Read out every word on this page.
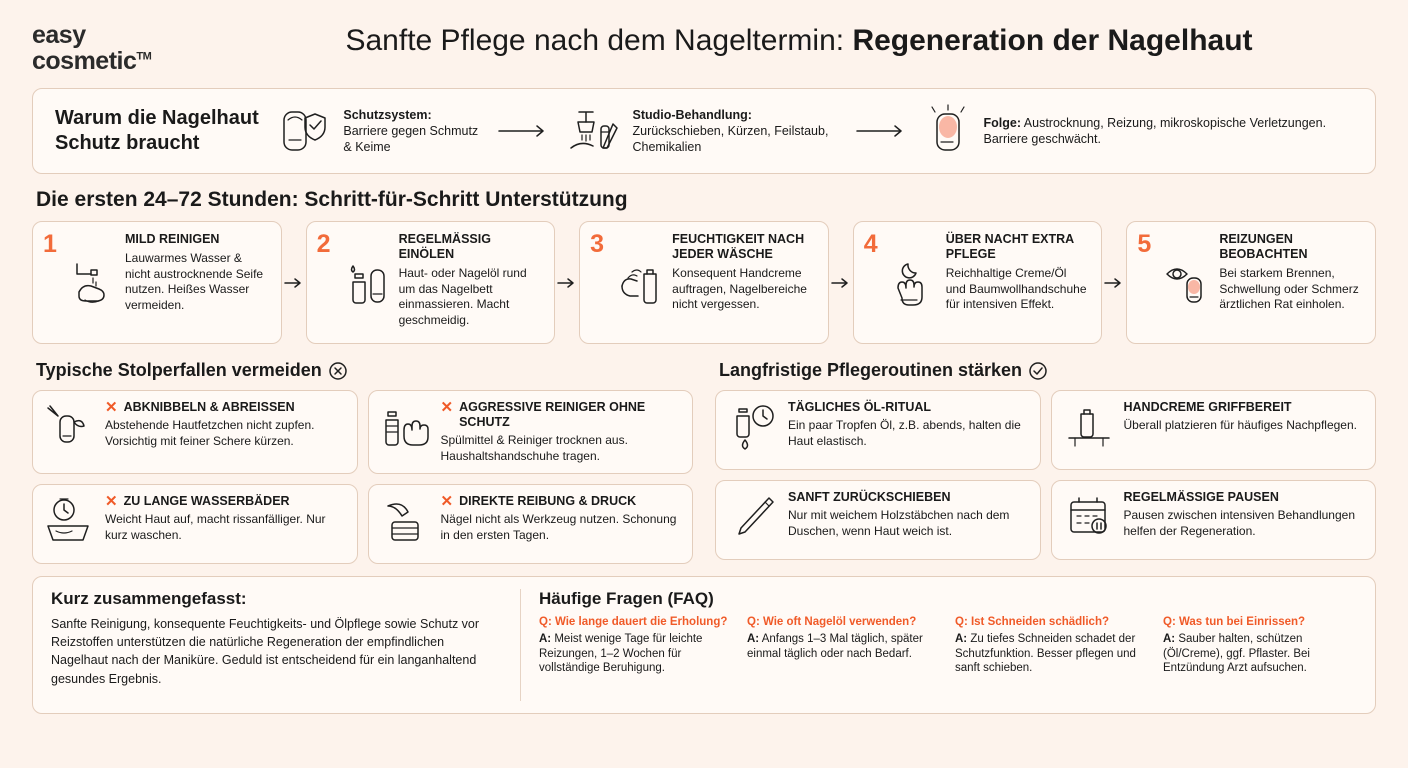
easy
cosmetic™	Sanfte Pflege nach dem Nageltermin: Regeneration der Nagelhaut
Warum die Nagelhaut Schutz braucht
Schutzsystem:
Barriere gegen Schmutz & Keime
Studio-Behandlung:
Zurückschieben, Kürzen, Feilstaub, Chemikalien
Folge: Austrocknung, Reizung, mikroskopische Verletzungen. Barriere geschwächt.
Die ersten 24–72 Stunden: Schritt-für-Schritt Unterstützung
1	MILD REINIGEN
Lauwarmes Wasser & nicht austrocknende Seife nutzen. Heißes Wasser vermeiden.
2	REGELMÄSSIG EINÖLEN
Haut- oder Nagelöl rund um das Nagelbett einmassieren. Macht geschmeidig.
3	FEUCHTIGKEIT NACH JEDER WÄSCHE
Konsequent Handcreme auftragen, Nagelbereiche nicht vergessen.
4	ÜBER NACHT EXTRA PFLEGE
Reichhaltige Creme/Öl und Baumwollhandschuhe für intensiven Effekt.
5	REIZUNGEN BEOBACHTEN
Bei starkem Brennen, Schwellung oder Schmerz ärztlichen Rat einholen.
Typische Stolperfallen vermeiden
✕ ABKNIBBELN & ABREISSEN
Abstehende Hautfetzchen nicht zupfen. Vorsichtig mit feiner Schere kürzen.
✕ AGGRESSIVE REINIGER OHNE SCHUTZ
Spülmittel & Reiniger trocknen aus. Haushaltshandschuhe tragen.
✕ ZU LANGE WASSERBÄDER
Weicht Haut auf, macht rissanfälliger. Nur kurz waschen.
✕ DIREKTE REIBUNG & DRUCK
Nägel nicht als Werkzeug nutzen. Schonung in den ersten Tagen.
Langfristige Pflegeroutinen stärken
TÄGLICHES ÖL-RITUAL
Ein paar Tropfen Öl, z.B. abends, halten die Haut elastisch.
HANDCREME GRIFFBEREIT
Überall platzieren für häufiges Nachpflegen.
SANFT ZURÜCKSCHIEBEN
Nur mit weichem Holzstäbchen nach dem Duschen, wenn Haut weich ist.
REGELMÄSSIGE PAUSEN
Pausen zwischen intensiven Behandlungen helfen der Regeneration.
Kurz zusammengefasst:
Sanfte Reinigung, konsequente Feuchtigkeits- und Ölpflege sowie Schutz vor Reizstoffen unterstützen die natürliche Regeneration der empfindlichen Nagelhaut nach der Maniküre. Geduld ist entscheidend für ein langanhaltend gesundes Ergebnis.
Häufige Fragen (FAQ)
Q: Wie lange dauert die Erholung?
A: Meist wenige Tage für leichte Reizungen, 1–2 Wochen für vollständige Beruhigung.
Q: Wie oft Nagelöl verwenden?
A: Anfangs 1–3 Mal täglich, später einmal täglich oder nach Bedarf.
Q: Ist Schneiden schädlich?
A: Zu tiefes Schneiden schadet der Schutzfunktion. Besser pflegen und sanft schieben.
Q: Was tun bei Einrissen?
A: Sauber halten, schützen (Öl/Creme), ggf. Pflaster. Bei Entzündung Arzt aufsuchen.
